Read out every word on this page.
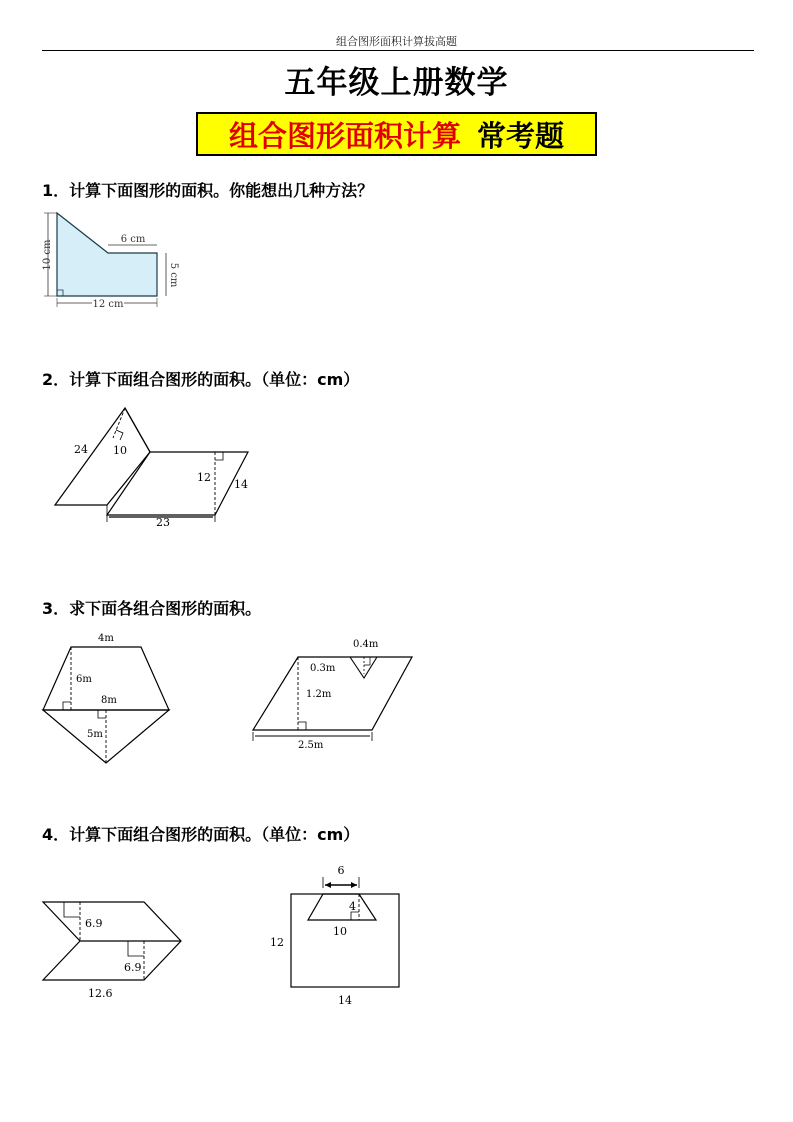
组合图形面积计算拔高题
五年级上册数学
组合图形面积计算 常考题
1．计算下面图形的面积。你能想出几种方法？
10 cm	6 cm
5 cm
12 cm
2．计算下面组合图形的面积。（单位：cm）
24 10
12
14
23
3．求下面各组合图形的面积。
4m
6m
8m
5m
0.4m
0.3m
1.2m
2.5m
4．计算下面组合图形的面积。（单位：cm）
6.9
6.9
12.6
6
4
10
12
14
